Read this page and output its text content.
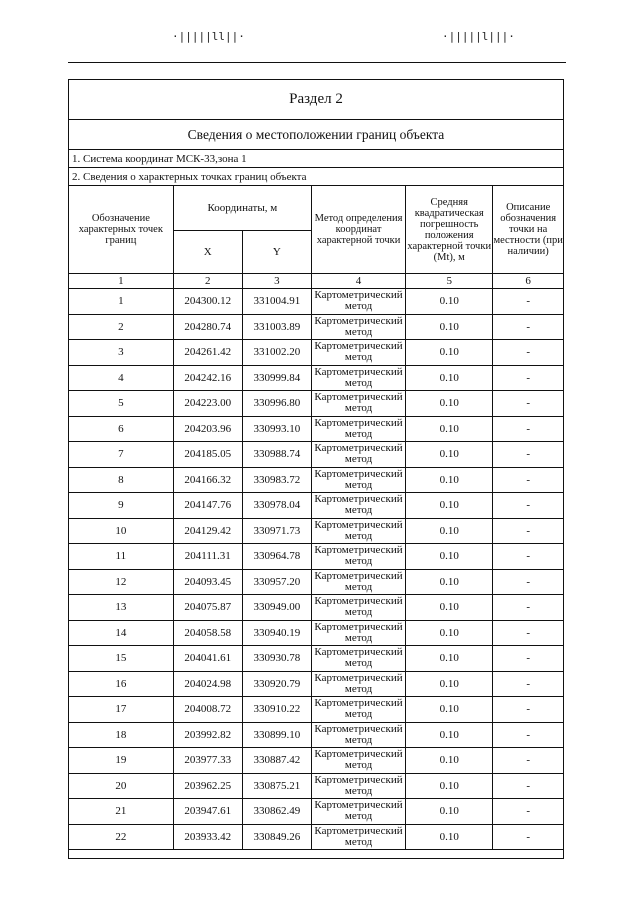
·|||||ll||·	·|||||l|||·
Раздел 2
Сведения о местоположении границ объекта
1. Система координат МСК-33,зона 1
2. Сведения о характерных точках границ объекта
Обозначение характерных точек границ	Координаты, м		Метод определения координат характерной точки	Средняя квадратическая погрешность положения характерной точки (Mt), м	Описание обозначения точки на местности (при наличии)
	X	Y			
1	2	3	4	5	6
1	204300.12	331004.91	Картометрический метод	0.10	-
2	204280.74	331003.89	Картометрический метод	0.10	-
3	204261.42	331002.20	Картометрический метод	0.10	-
4	204242.16	330999.84	Картометрический метод	0.10	-
5	204223.00	330996.80	Картометрический метод	0.10	-
6	204203.96	330993.10	Картометрический метод	0.10	-
7	204185.05	330988.74	Картометрический метод	0.10	-
8	204166.32	330983.72	Картометрический метод	0.10	-
9	204147.76	330978.04	Картометрический метод	0.10	-
10	204129.42	330971.73	Картометрический метод	0.10	-
11	204111.31	330964.78	Картометрический метод	0.10	-
12	204093.45	330957.20	Картометрический метод	0.10	-
13	204075.87	330949.00	Картометрический метод	0.10	-
14	204058.58	330940.19	Картометрический метод	0.10	-
15	204041.61	330930.78	Картометрический метод	0.10	-
16	204024.98	330920.79	Картометрический метод	0.10	-
17	204008.72	330910.22	Картометрический метод	0.10	-
18	203992.82	330899.10	Картометрический метод	0.10	-
19	203977.33	330887.42	Картометрический метод	0.10	-
20	203962.25	330875.21	Картометрический метод	0.10	-
21	203947.61	330862.49	Картометрический метод	0.10	-
22	203933.42	330849.26	Картометрический метод	0.10	-
